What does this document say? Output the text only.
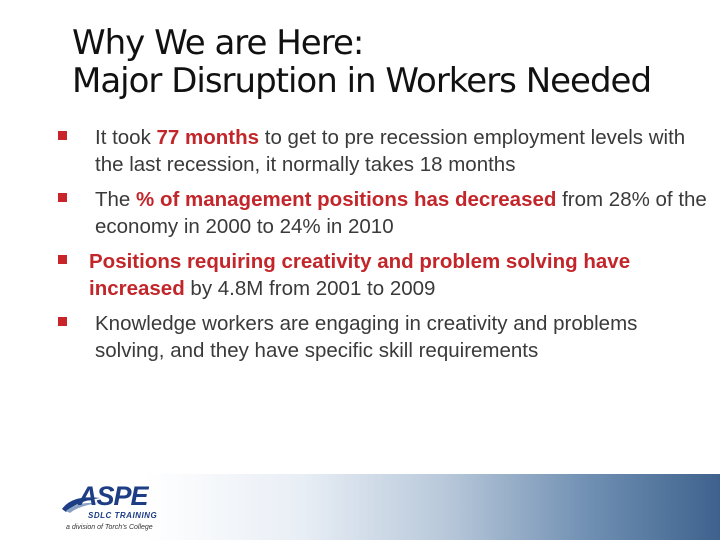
Why We are Here:
Major Disruption in Workers Needed
It took 77 months to get to pre recession employment levels with the last recession, it normally takes 18 months
The % of management positions has decreased from 28% of the economy in 2000 to 24% in 2010
Positions requiring creativity and problem solving have increased by 4.8M from 2001 to 2009
Knowledge workers are engaging in creativity and problems solving, and they have specific skill requirements
ASPE
SDLC TRAINING
a division of Torch's College
